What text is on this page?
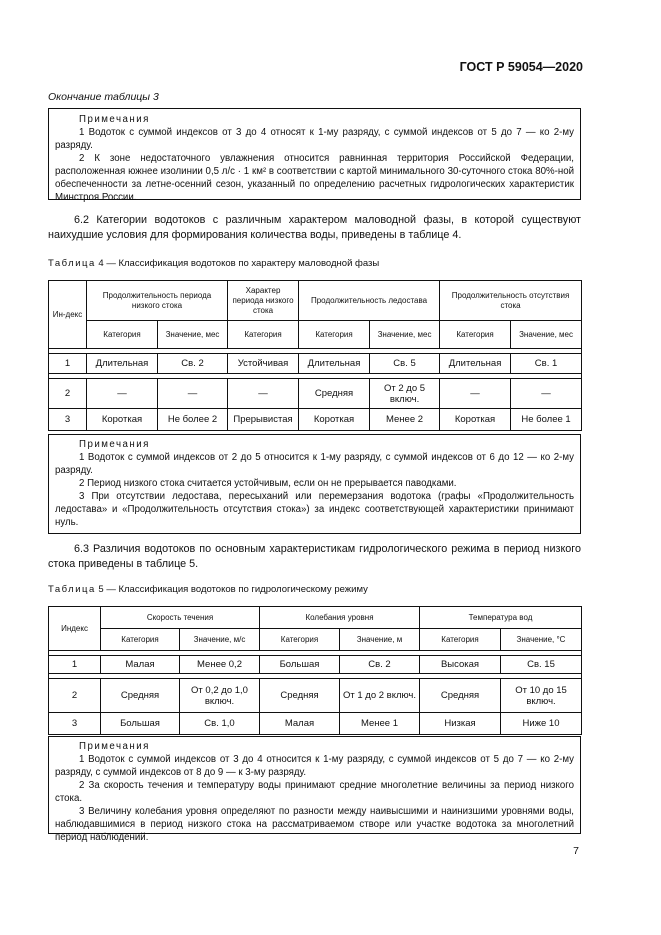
ГОСТ Р 59054—2020
Окончание таблицы 3
Примечания
1 Водоток с суммой индексов от 3 до 4 относят к 1-му разряду, с суммой индексов от 5 до 7 — ко 2-му разряду.
2 К зоне недостаточного увлажнения относится равнинная территория Российской Федерации, расположенная южнее изолинии 0,5 л/с · 1 км² в соответствии с картой минимального 30-суточного стока 80%-ной обеспеченности за летне-осенний сезон, указанный по определению расчетных гидрологических характеристик Минстроя России.
6.2 Категории водотоков с различным характером маловодной фазы, в которой существуют наихудшие условия для формирования количества воды, приведены в таблице 4.
Таблица 4 — Классификация водотоков по характеру маловодной фазы
Ин-декс	Продолжительность периода низкого стока		Характер периода низкого стока	Продолжительность ледостава		Продолжительность отсутствия стока	
	Категория	Значение, мес	Категория	Категория	Значение, мес	Категория	Значение, мес

1	Длительная	Св. 2	Устойчивая	Длительная	Св. 5	Длительная	Св. 1

2	—	—	—	Средняя	От 2 до 5 включ.	—	—
3	Короткая	Не более 2	Прерывистая	Короткая	Менее 2	Короткая	Не более 1
Примечания
1 Водоток с суммой индексов от 2 до 5 относится к 1-му разряду, с суммой индексов от 6 до 12 — ко 2-му разряду.
2 Период низкого стока считается устойчивым, если он не прерывается паводками.
3 При отсутствии ледостава, пересыханий или перемерзания водотока (графы «Продолжительность ледостава» и «Продолжительность отсутствия стока») за индекс соответствующей характеристики принимают нуль.
6.3 Различия водотоков по основным характеристикам гидрологического режима в период низкого стока приведены в таблице 5.
Таблица 5 — Классификация водотоков по гидрологическому режиму
Индекс	Скорость течения		Колебания уровня		Температура вод	
	Категория	Значение, м/с	Категория	Значение, м	Категория	Значение, °С

1	Малая	Менее 0,2	Большая	Св. 2	Высокая	Св. 15

2	Средняя	От 0,2 до 1,0 включ.	Средняя	От 1 до 2 включ.	Средняя	От 10 до 15 включ.
3	Большая	Св. 1,0	Малая	Менее 1	Низкая	Ниже 10
Примечания
1 Водоток с суммой индексов от 3 до 4 относится к 1-му разряду, с суммой индексов от 5 до 7 — ко 2-му разряду, с суммой индексов от 8 до 9 — к 3-му разряду.
2 За скорость течения и температуру воды принимают средние многолетние величины за период низкого стока.
3 Величину колебания уровня определяют по разности между наивысшими и наинизшими уровнями воды, наблюдавшимися в период низкого стока на рассматриваемом створе или участке водотока за многолетний период наблюдений.
7
